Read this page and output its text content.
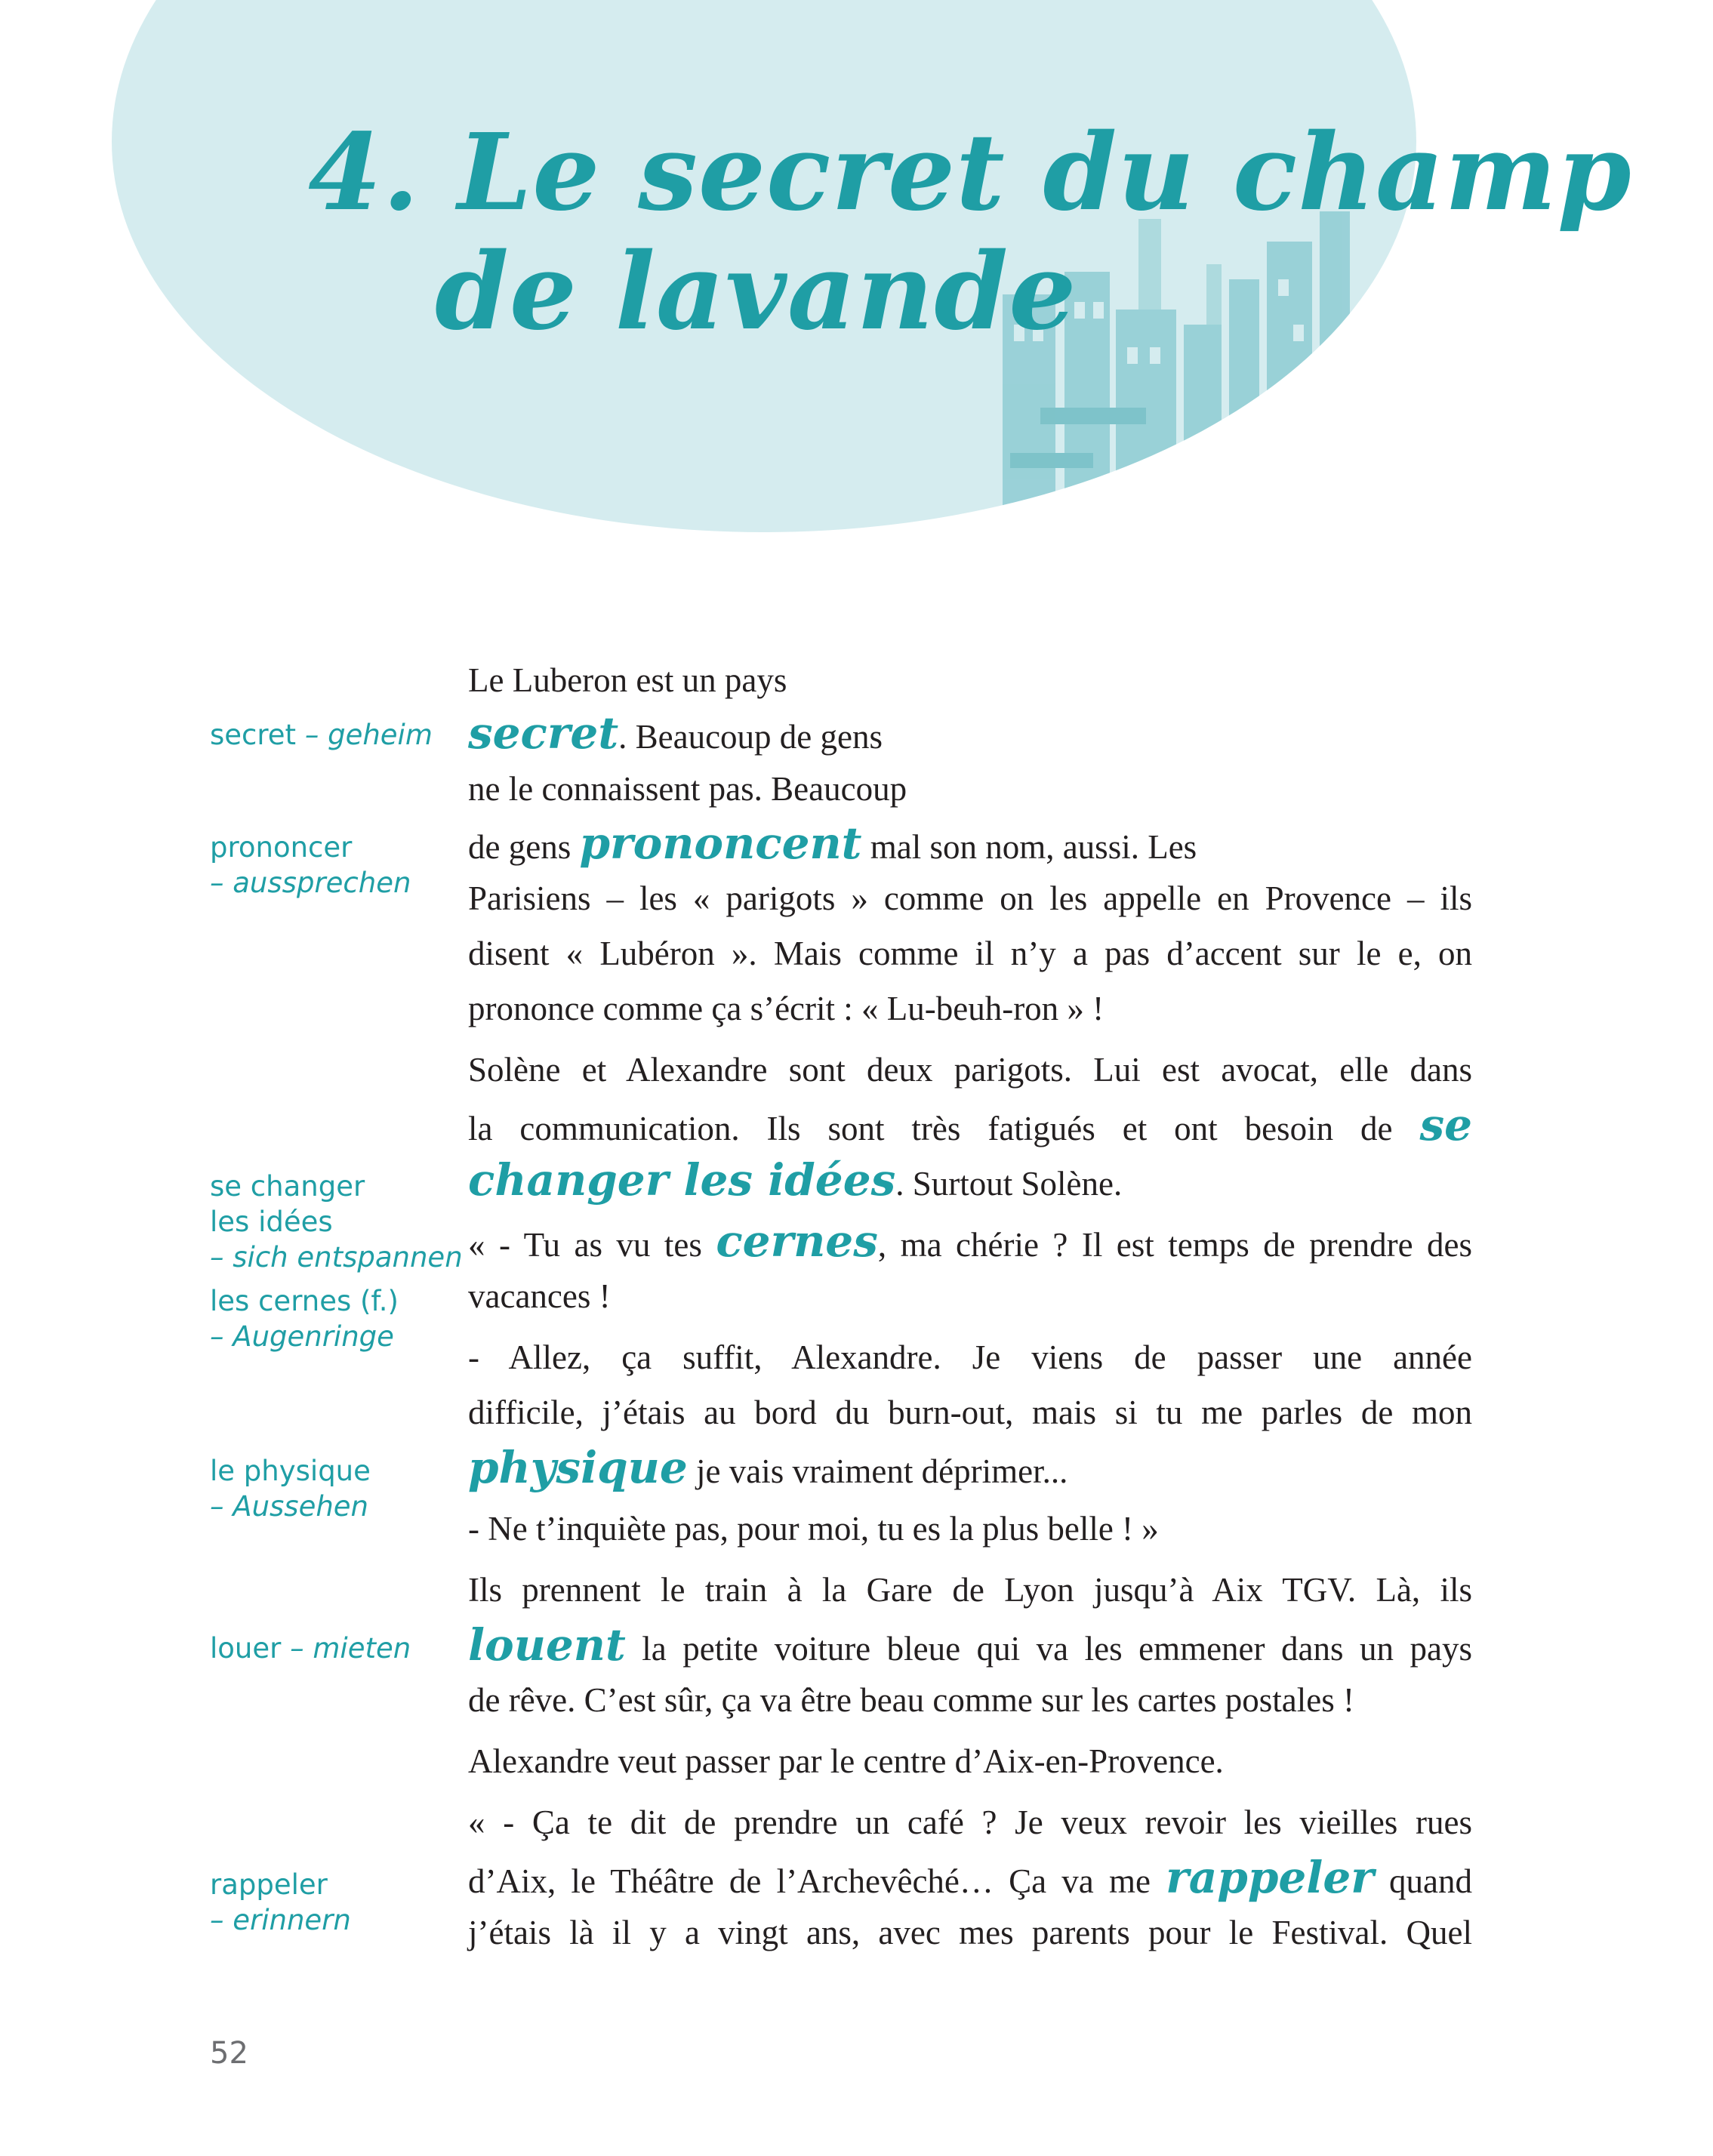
4. Le secret du champ
de lavande
secret – geheim
prononcer
– aussprechen
se changer
les idées
– sich entspannen
les cernes (f.)
– Augenringe
le physique
– Aussehen
louer – mieten
rappeler
– erinnern

Le Luberon est un pays

secret. Beaucoup de gens

ne le connaissent pas. Beaucoup

de gens prononcent mal son nom, aussi. Les

Parisiens – les « parigots » comme on les appelle en Provence – ils

disent « Lubéron ». Mais comme il n’y a pas d’accent sur le e, on

prononce comme ça s’écrit : « Lu-beuh-ron » !

Solène et Alexandre sont deux parigots. Lui est avocat, elle dans

la communication. Ils sont très fatigués et ont besoin de se

changer les idées. Surtout Solène.

« - Tu as vu tes cernes, ma chérie ? Il est temps de prendre des

vacances !

- Allez, ça suffit, Alexandre. Je viens de passer une année

difficile, j’étais au bord du burn-out, mais si tu me parles de mon

physique je vais vraiment déprimer...

- Ne t’inquiète pas, pour moi, tu es la plus belle ! »

Ils prennent le train à la Gare de Lyon jusqu’à Aix TGV. Là, ils

louent la petite voiture bleue qui va les emmener dans un pays

de rêve. C’est sûr, ça va être beau comme sur les cartes postales !

Alexandre veut passer par le centre d’Aix-en-Provence.

« - Ça te dit de prendre un café ? Je veux revoir les vieilles rues

d’Aix, le Théâtre de l’Archevêché… Ça va me rappeler quand

j’étais là il y a vingt ans, avec mes parents pour le Festival. Quel

52
